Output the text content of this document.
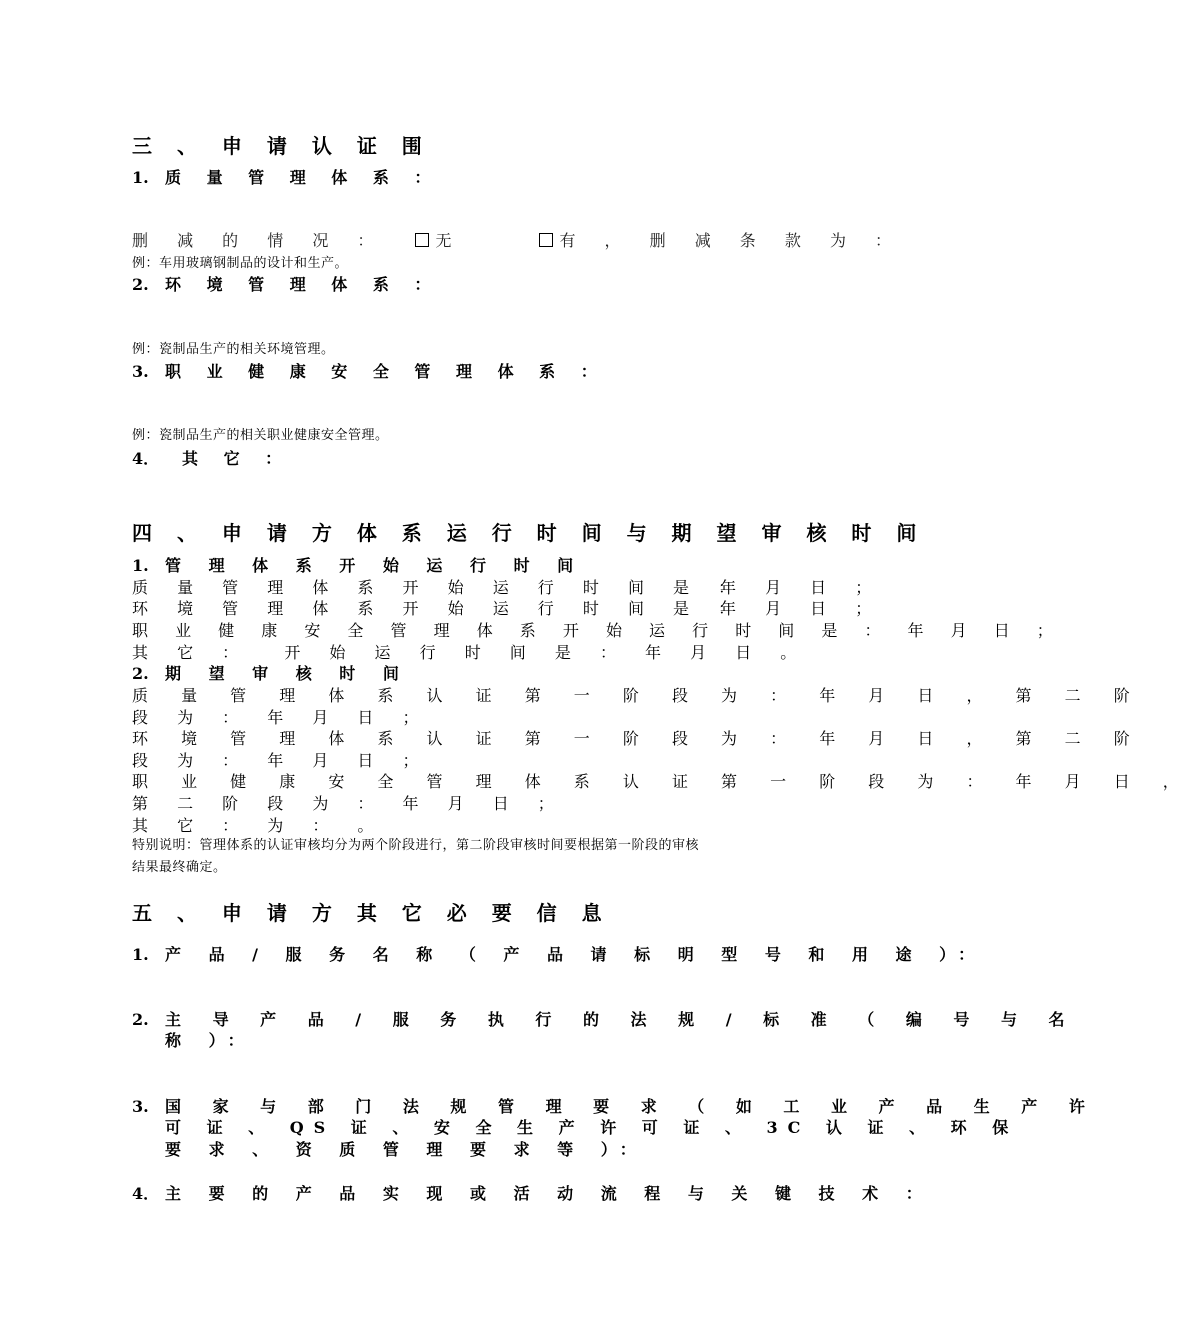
三 、 申 请 认 证 围
1. 质 量 管 理 体 系 ：
删 减 的 情 况 ：	无	有 ， 删 减 条 款 为 ：
例：车用玻璃钢制品的设计和生产。
2. 环 境 管 理 体 系 ：
例：瓷制品生产的相关环境管理。
3. 职 业 健 康 安 全 管 理 体 系 ：
例：瓷制品生产的相关职业健康安全管理。
4． 其 它 ：
四 、 申 请 方 体 系 运 行 时 间 与 期 望 审 核 时 间
1. 管 理 体 系 开 始 运 行 时 间
质 量 管 理 体 系 开 始 运 行 时 间 是 ：
年 月 日 ；
环 境 管 理 体 系 开 始 运 行 时 间 是 ：
年 月 日 ；
职 业 健 康 安 全 管 理 体 系 开 始 运 行 时 间 是 ： 年 月 日 ；
其 它 ：  开 始 运 行 时 间 是 ： 年 月 日 。
2. 期 望 审 核 时 间
质 量 管 理 体 系 认 证 第 一 阶 段 为 ： 年 月 日 ， 第 二 阶
段 为 ： 年 月 日 ；
环 境 管 理 体 系 认 证 第 一 阶 段 为 ： 年 月 日 ， 第 二 阶
段 为 ： 年 月 日 ；
职 业 健 康 安 全 管 理 体 系 认 证 第 一 阶 段 为 ： 年 月 日 ，
第 二 阶 段 为 ： 年 月 日 ；
其 它 ： 为 ： 。
特别说明：管理体系的认证审核均分为两个阶段进行，第二阶段审核时间要根据第一阶段的审核
结果最终确定。
五 、 申 请 方 其 它 必 要 信 息
1. 产 品 / 服 务 名 称 （ 产 品 请 标 明 型 号 和 用 途 ）：
2. 主 导 产 品 / 服 务 执 行 的 法 规 / 标 准 （ 编 号 与 名
称 ）：
3. 国 家 与 部 门 法 规 管 理 要 求 （ 如 工 业 产 品 生 产 许
可 证 、 QS 证 、 安 全 生 产 许 可 证 、 3C 认 证 、 环 保
要 求 、 资 质 管 理 要 求 等 ）：
4． 主 要 的 产 品 实 现 或 活 动 流 程 与 关 键 技 术 ：
